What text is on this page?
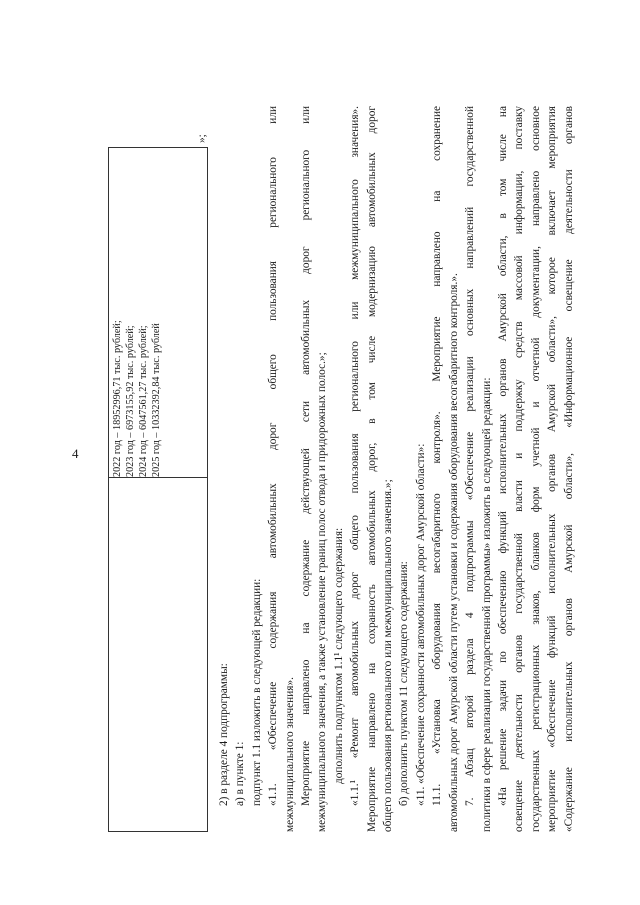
4	2022 год – 18952996,71 тыс. рублей; 2023 год – 6973155,92 тыс. рублей; 2024 год – 6047561,27 тыс. рублей; 2025 год – 10332392,84 тыс. рублей
»;
2) в разделе 4 подпрограммы: а) в пункте 1: подпункт 1.1 изложить в следующей редакции: «1.1. «Обеспечение содержания автомобильных дорог общего пользования регионального или межмуниципального значения». Мероприятие направлено на содержание действующей сети автомобильных дорог регионального или межмуниципального значения, а также установление границ полос отвода и придорожных полос.»; дополнить подпунктом 1.1¹ следующего содержания: «1.1.¹ «Ремонт автомобильных дорог общего пользования регионального или межмуниципального значения». Мероприятие направлено на сохранность автомобильных дорог, в том числе модернизацию автомобильных дорог общего пользования регионального или межмуниципального значения.»; б) дополнить пунктом 11 следующего содержания: «11. «Обеспечение сохранности автомобильных дорог Амурской области»: 11.1. «Установка оборудования весогабаритного контроля». Мероприятие направлено на сохранение автомобильных дорог Амурской области путем установки и содержания оборудования весогабаритного контроля.». 7. Абзац второй раздела 4 подпрограммы «Обеспечение реализации основных направлений государственной политики в сфере реализации государственной программы» изложить в следующей редакции: «На решение задачи по обеспечению функций исполнительных органов Амурской области, в том числе на освещение деятельности органов государственной власти и поддержку средств массовой информации, поставку государственных регистрационных знаков, бланков форм учетной и отчетной документации, направлено основное мероприятие «Обеспечение функций исполнительных органов Амурской области», которое включает мероприятия «Содержание исполнительных органов Амурской области», «Информационное освещение деятельности органов
